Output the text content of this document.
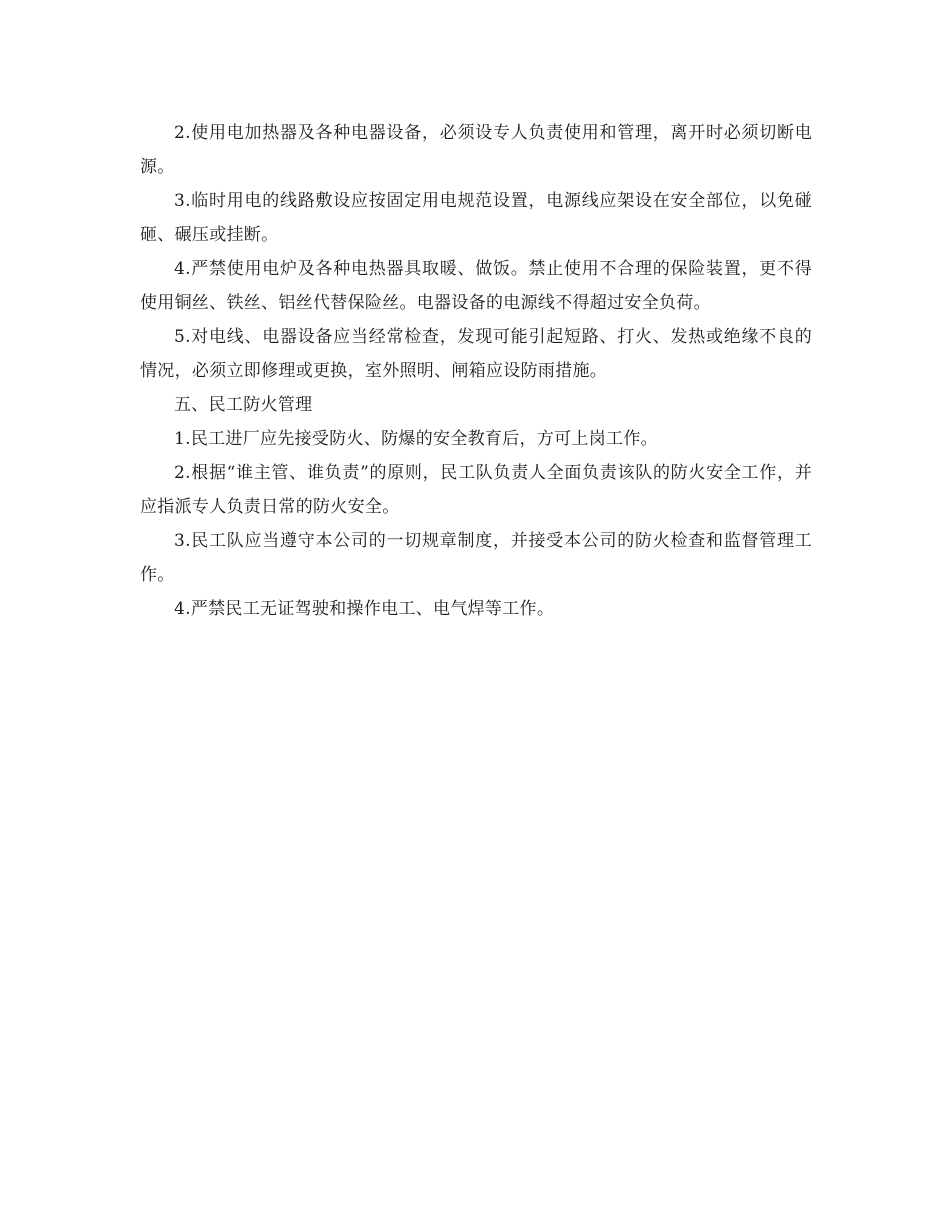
2.使用电加热器及各种电器设备，必须设专人负责使用和管理，离开时必须切断电源。

3.临时用电的线路敷设应按固定用电规范设置，电源线应架设在安全部位，以免碰砸、碾压或挂断。

4.严禁使用电炉及各种电热器具取暖、做饭。禁止使用不合理的保险装置，更不得使用铜丝、铁丝、铝丝代替保险丝。电器设备的电源线不得超过安全负荷。

5.对电线、电器设备应当经常检查，发现可能引起短路、打火、发热或绝缘不良的情况，必须立即修理或更换，室外照明、闸箱应设防雨措施。

五、民工防火管理

1.民工进厂应先接受防火、防爆的安全教育后，方可上岗工作。

2.根据“谁主管、谁负责”的原则，民工队负责人全面负责该队的防火安全工作，并应指派专人负责日常的防火安全。

3.民工队应当遵守本公司的一切规章制度，并接受本公司的防火检查和监督管理工作。

4.严禁民工无证驾驶和操作电工、电气焊等工作。
